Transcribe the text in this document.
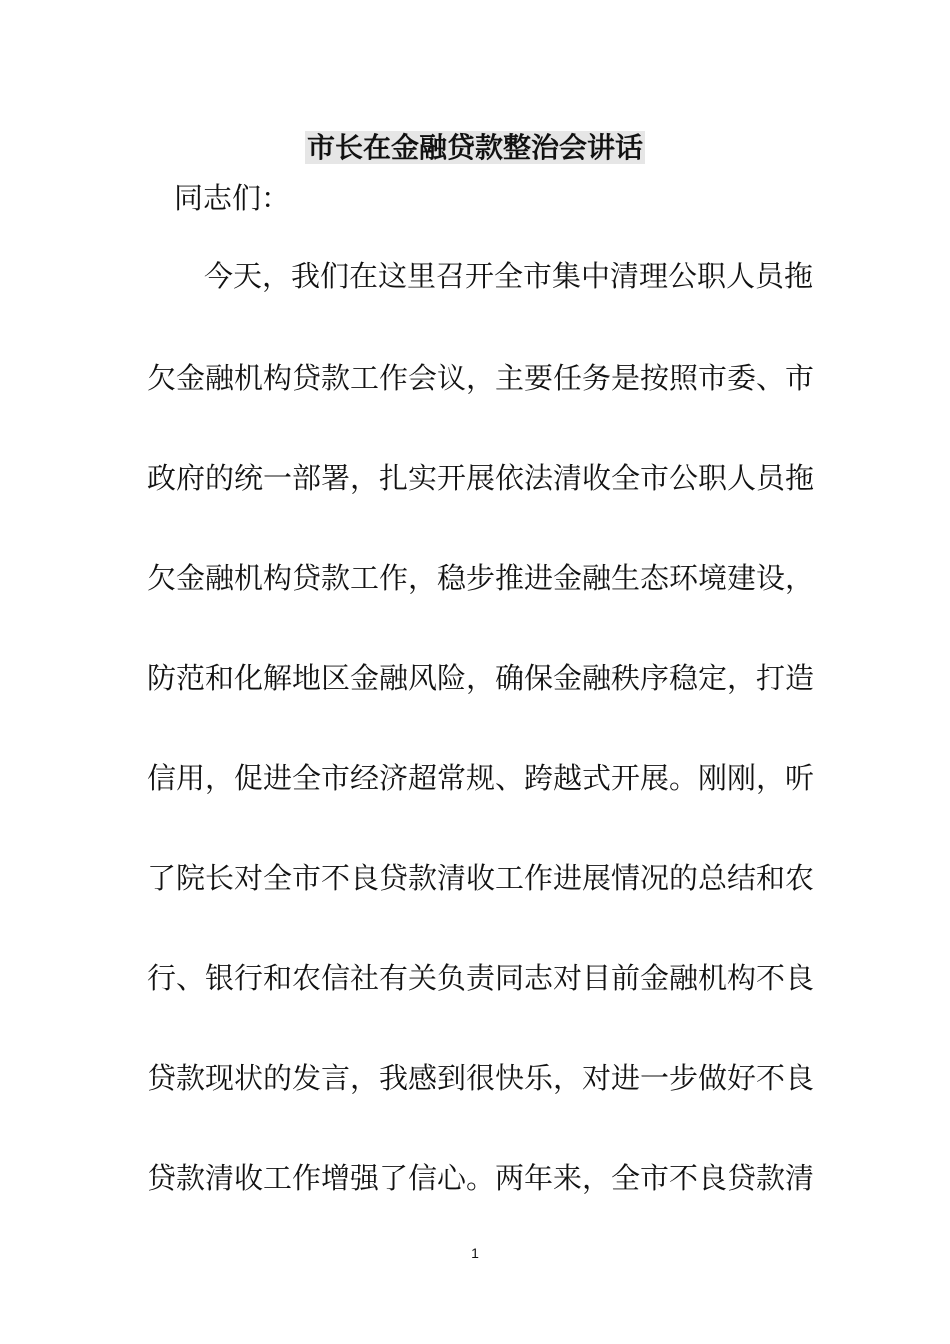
市长在金融贷款整治会讲话
同志们：
今天，我们在这里召开全市集中清理公职人员拖
欠金融机构贷款工作会议，主要任务是按照市委、市
政府的统一部署，扎实开展依法清收全市公职人员拖
欠金融机构贷款工作，稳步推进金融生态环境建设，
防范和化解地区金融风险，确保金融秩序稳定，打造
信用，促进全市经济超常规、跨越式开展。刚刚，听
了院长对全市不良贷款清收工作进展情况的总结和农
行、银行和农信社有关负责同志对目前金融机构不良
贷款现状的发言，我感到很快乐，对进一步做好不良
贷款清收工作增强了信心。两年来，全市不良贷款清
1
